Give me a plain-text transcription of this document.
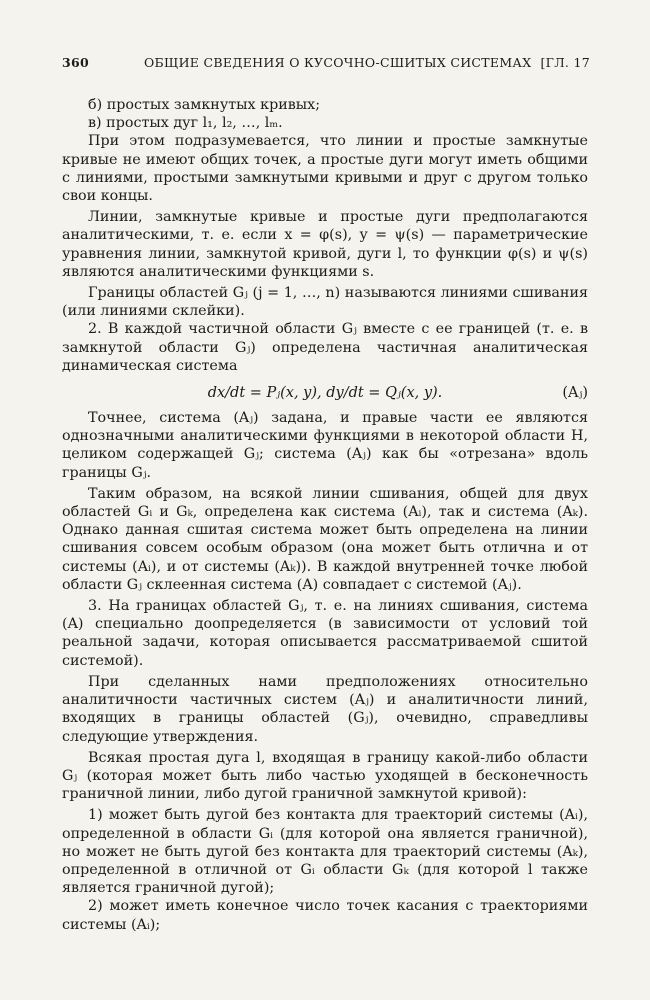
360	ОБЩИЕ СВЕДЕНИЯ О КУСОЧНО-СШИТЫХ СИСТЕМАХ [ГЛ. 17

б) простых замкнутых кривых;

в) простых дуг l₁, l₂, …, lₘ.

При этом подразумевается, что линии и простые замкнутые кривые не имеют общих точек, а простые дуги могут иметь общими с линиями, простыми замкнутыми кривыми и друг с другом только свои концы.

Линии, замкнутые кривые и простые дуги предполагаются аналитическими, т. е. если x = φ(s), y = ψ(s) — параметрические уравнения линии, замкнутой кривой, дуги l, то функции φ(s) и ψ(s) являются аналитическими функциями s.

Границы областей Gⱼ (j = 1, …, n) называются линиями сшивания (или линиями склейки).

2. В каждой частичной области Gⱼ вместе с ее границей (т. е. в замкнутой области Gⱼ) определена частичная аналитическая динамическая система

dx/dt = Pⱼ(x, y), dy/dt = Qⱼ(x, y).	(Aⱼ)

Точнее, система (Aⱼ) задана, и правые части ее являются однозначными аналитическими функциями в некоторой области H, целиком содержащей Gⱼ; система (Aⱼ) как бы «отрезана» вдоль границы Gⱼ.

Таким образом, на всякой линии сшивания, общей для двух областей Gᵢ и Gₖ, определена как система (Aᵢ), так и система (Aₖ). Однако данная сшитая система может быть определена на линии сшивания совсем особым образом (она может быть отлична и от системы (Aᵢ), и от системы (Aₖ)). В каждой внутренней точке любой области Gⱼ склеенная система (A) совпадает с системой (Aⱼ).

3. На границах областей Gⱼ, т. е. на линиях сшивания, система (A) специально доопределяется (в зависимости от условий той реальной задачи, которая описывается рассматриваемой сшитой системой).

При сделанных нами предположениях относительно аналитичности частичных систем (Aⱼ) и аналитичности линий, входящих в границы областей (Gⱼ), очевидно, справедливы следующие утверждения.

Всякая простая дуга l, входящая в границу какой-либо области Gⱼ (которая может быть либо частью уходящей в бесконечность граничной линии, либо дугой граничной замкнутой кривой):

1) может быть дугой без контакта для траекторий системы (Aᵢ), определенной в области Gᵢ (для которой она является граничной), но может не быть дугой без контакта для траекторий системы (Aₖ), определенной в отличной от Gᵢ области Gₖ (для которой l также является граничной дугой);

2) может иметь конечное число точек касания с траекториями системы (Aᵢ);
